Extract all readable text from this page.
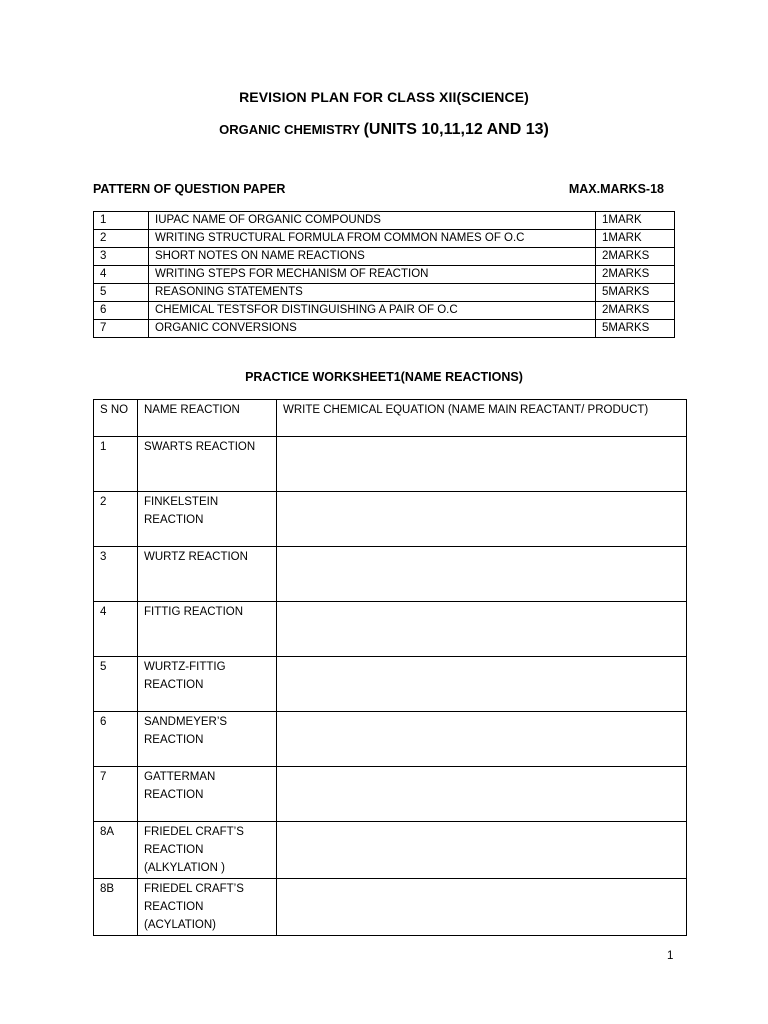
REVISION PLAN FOR CLASS XII(SCIENCE)
ORGANIC CHEMISTRY (UNITS 10,11,12 AND 13)
PATTERN OF QUESTION PAPER	MAX.MARKS-18
1	IUPAC NAME OF ORGANIC COMPOUNDS	1MARK
2	WRITING STRUCTURAL FORMULA FROM COMMON NAMES OF O.C	1MARK
3	SHORT NOTES ON NAME REACTIONS	2MARKS
4	WRITING STEPS FOR MECHANISM OF REACTION	2MARKS
5	REASONING STATEMENTS	5MARKS
6	CHEMICAL TESTSFOR DISTINGUISHING A PAIR OF O.C	2MARKS
7	ORGANIC CONVERSIONS	5MARKS
PRACTICE WORKSHEET1(NAME REACTIONS)
S NO	NAME REACTION	WRITE CHEMICAL EQUATION (NAME MAIN REACTANT/ PRODUCT)
1	SWARTS REACTION	
2	FINKELSTEIN REACTION	
3	WURTZ REACTION	
4	FITTIG REACTION	
5	WURTZ-FITTIG REACTION	
6	SANDMEYER’S REACTION	
7	GATTERMAN REACTION	
8A	FRIEDEL CRAFT’S REACTION (ALKYLATION )	
8B	FRIEDEL CRAFT’S REACTION (ACYLATION)	
1
